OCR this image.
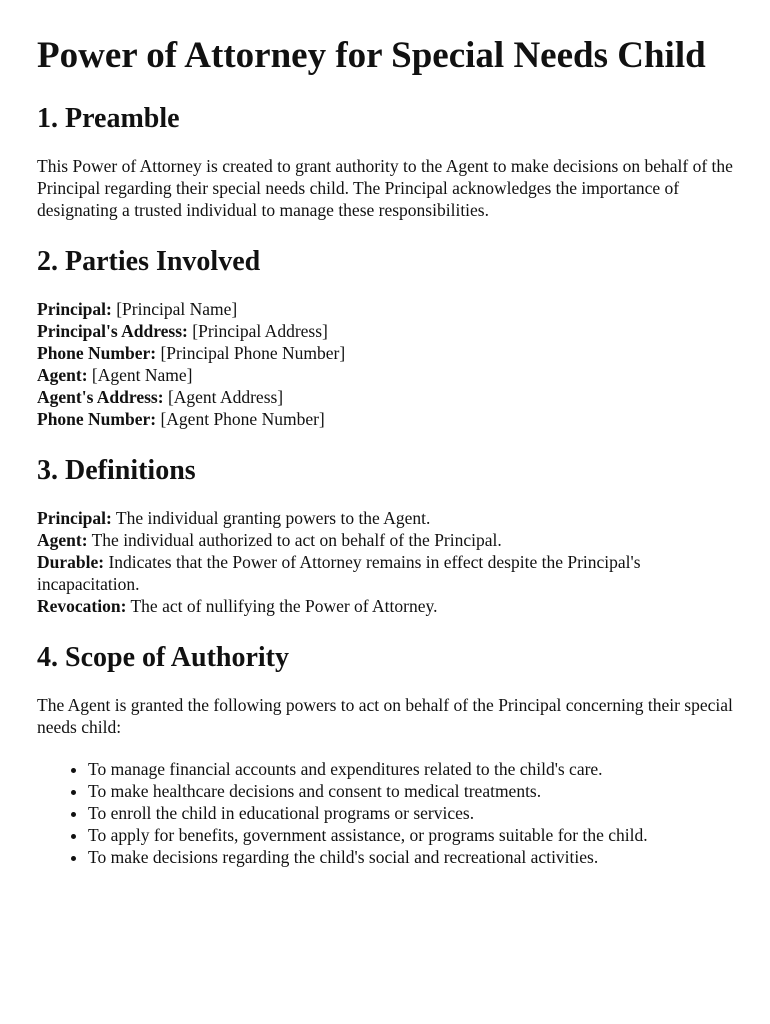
Power of Attorney for Special Needs Child
1. Preamble

This Power of Attorney is created to grant authority to the Agent to make decisions on behalf of the Principal regarding their special needs child. The Principal acknowledges the importance of designating a trusted individual to manage these responsibilities.

2. Parties Involved
Principal: [Principal Name]
Principal's Address: [Principal Address]
Phone Number: [Principal Phone Number]
Agent: [Agent Name]
Agent's Address: [Agent Address]
Phone Number: [Agent Phone Number]
3. Definitions
Principal: The individual granting powers to the Agent.
Agent: The individual authorized to act on behalf of the Principal.
Durable: Indicates that the Power of Attorney remains in effect despite the Principal's incapacitation.
Revocation: The act of nullifying the Power of Attorney.
4. Scope of Authority

The Agent is granted the following powers to act on behalf of the Principal concerning their special needs child:

• To manage financial accounts and expenditures related to the child's care.
• To make healthcare decisions and consent to medical treatments.
• To enroll the child in educational programs or services.
• To apply for benefits, government assistance, or programs suitable for the child.
• To make decisions regarding the child's social and recreational activities.
